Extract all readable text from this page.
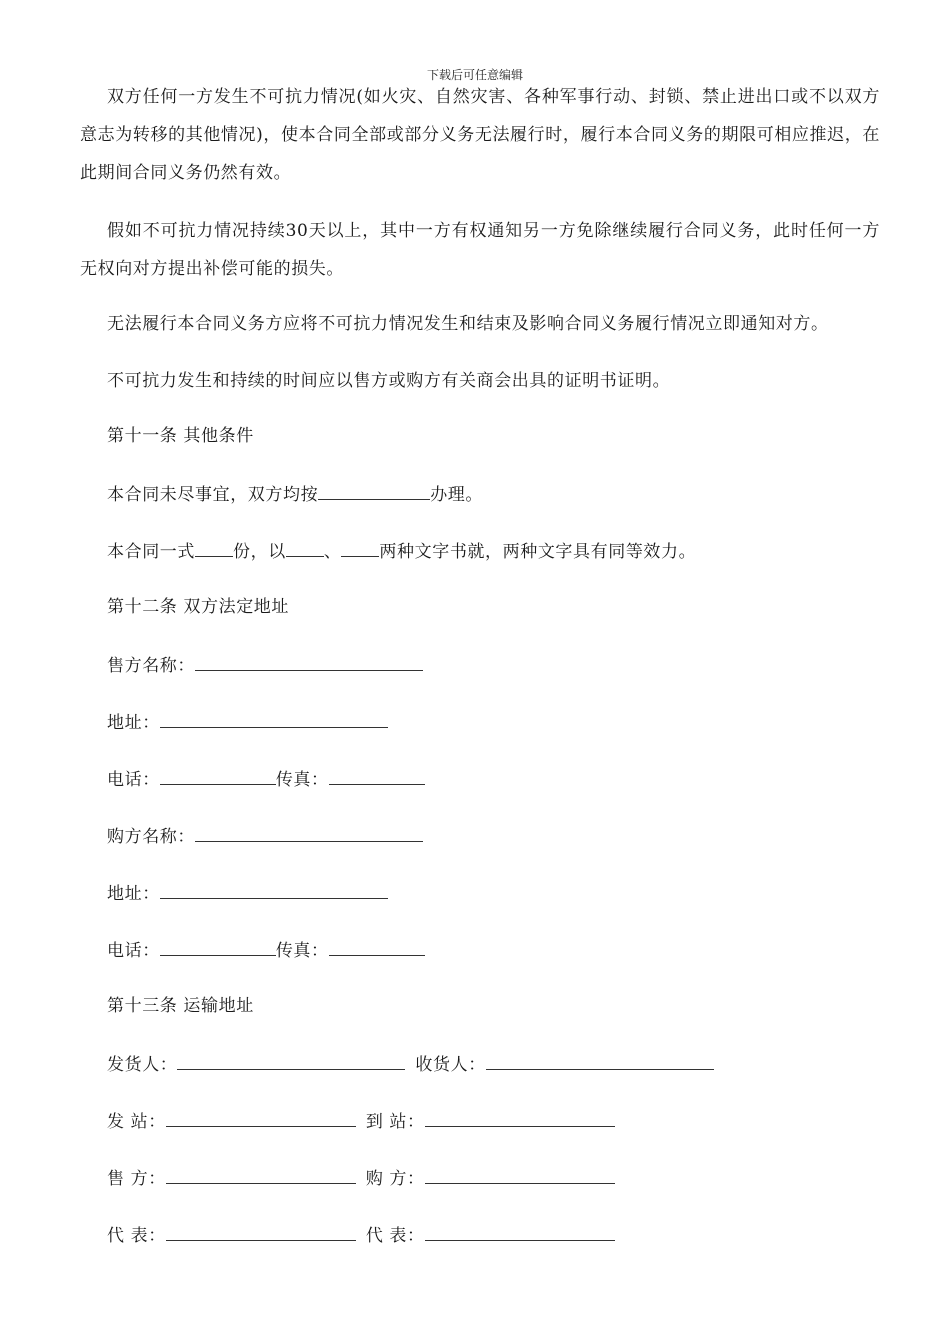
下载后可任意编辑

双方任何一方发生不可抗力情况(如火灾、自然灾害、各种军事行动、封锁、禁止进出口或不以双方意志为转移的其他情况)，使本合同全部或部分义务无法履行时，履行本合同义务的期限可相应推迟，在此期间合同义务仍然有效。

假如不可抗力情况持续30天以上，其中一方有权通知另一方免除继续履行合同义务，此时任何一方无权向对方提出补偿可能的损失。

无法履行本合同义务方应将不可抗力情况发生和结束及影响合同义务履行情况立即通知对方。

不可抗力发生和持续的时间应以售方或购方有关商会出具的证明书证明。

第十一条 其他条件
本合同未尽事宜，双方均按	办理。
本合同一式 份，以 、 两种文字书就，两种文字具有同等效力。
第十二条 双方法定地址
售方名称：
地址：
电话：	传真：
购方名称：
地址：
电话：	传真：
第十三条 运输地址
发货人：	收货人：
发 站：	到 站：
售 方：	购 方：
代 表：	代 表：
